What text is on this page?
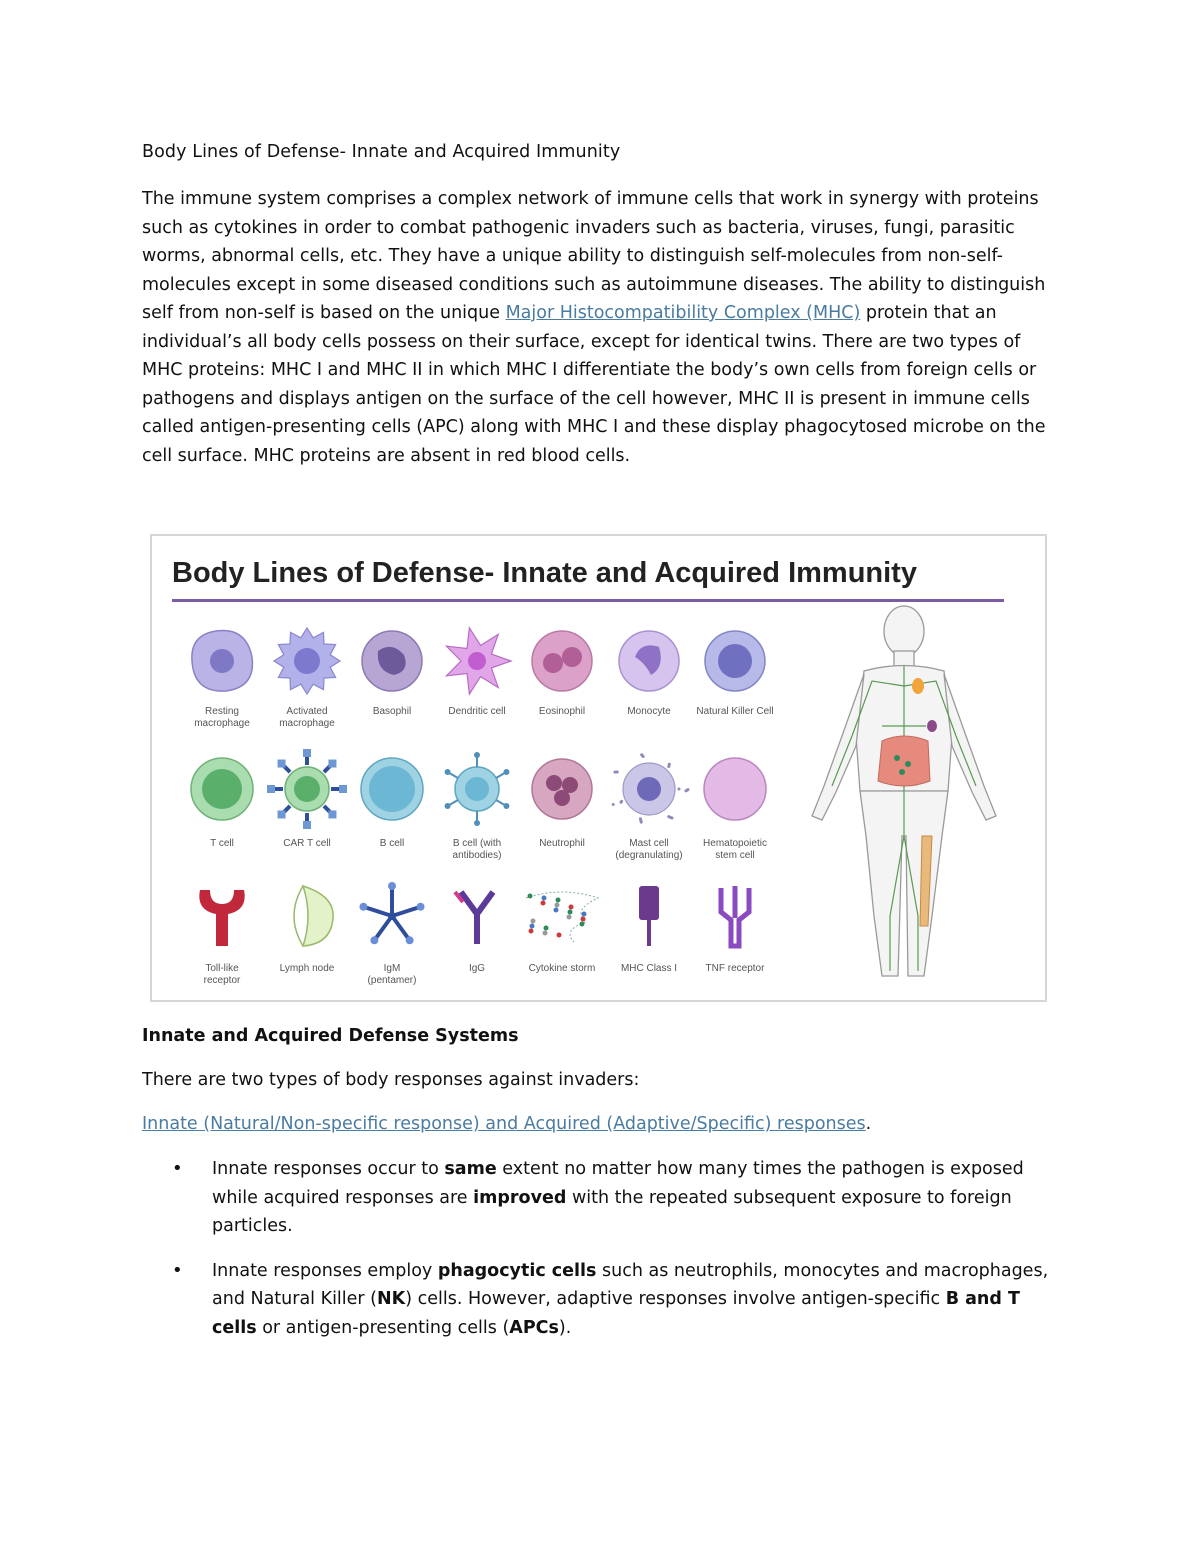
Body Lines of Defense- Innate and Acquired Immunity

The immune system comprises a complex network of immune cells that work in synergy with proteins such as cytokines in order to combat pathogenic invaders such as bacteria, viruses, fungi, parasitic worms, abnormal cells, etc. They have a unique ability to distinguish self-molecules from non-self-molecules except in some diseased conditions such as autoimmune diseases. The ability to distinguish self from non-self is based on the unique Major Histocompatibility Complex (MHC) protein that an individual’s all body cells possess on their surface, except for identical twins. There are two types of MHC proteins: MHC I and MHC II in which MHC I differentiate the body’s own cells from foreign cells or pathogens and displays antigen on the surface of the cell however, MHC II is present in immune cells called antigen-presenting cells (APC) along with MHC I and these display phagocytosed microbe on the cell surface. MHC proteins are absent in red blood cells.

Innate and Acquired Defense Systems

There are two types of body responses against invaders:

Innate (Natural/Non-specific response) and Acquired (Adaptive/Specific) responses.

• Innate responses occur to same extent no matter how many times the pathogen is exposed while acquired responses are improved with the repeated subsequent exposure to foreign particles.
• Innate responses employ phagocytic cells such as neutrophils, monocytes and macrophages, and Natural Killer (NK) cells. However, adaptive responses involve antigen-specific B and T cells or antigen-presenting cells (APCs).
Body Lines of Defense- Innate and Acquired Immunity
Resting macrophage
Activated macrophage
Basophil	Dendritic cell	Eosinophil	Monocyte	Natural Killer Cell
T cell	CAR T cell	B cell	B cell (with antibodies)
Neutrophil	Mast cell (degranulating)
Hematopoietic stem cell
Toll-like receptor
Lymph node	IgM (pentamer)
IgG	Cytokine storm	MHC Class I	TNF receptor
